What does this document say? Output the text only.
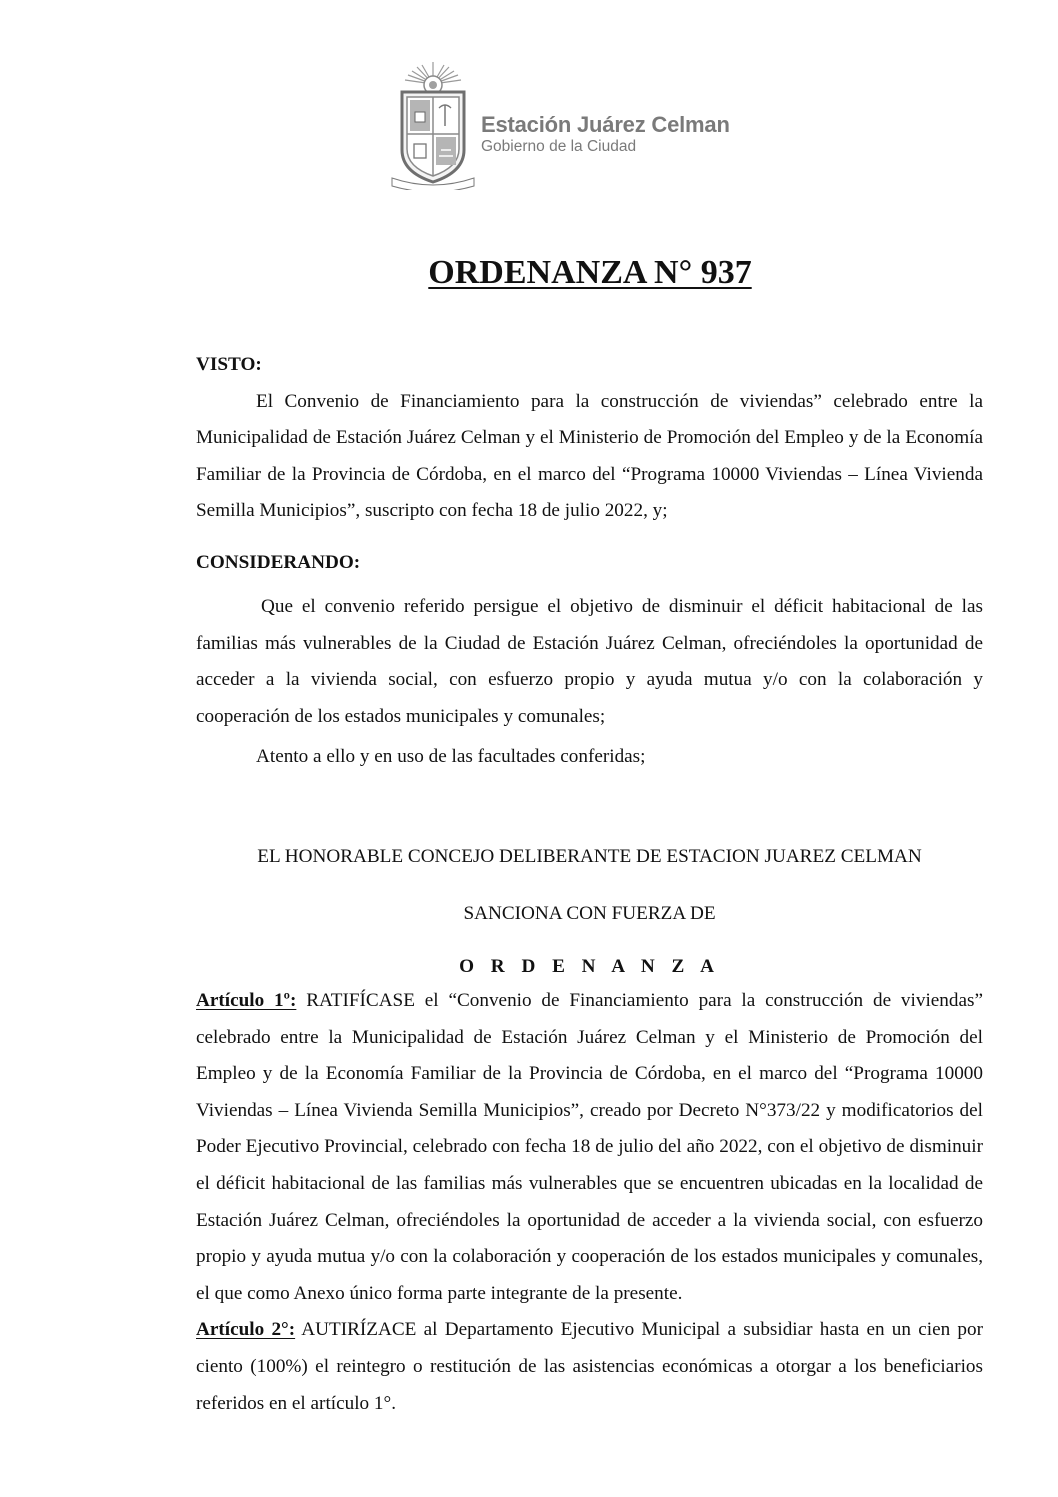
Estación Juárez Celman
Gobierno de la Ciudad
ORDENANZA N° 937

VISTO:

El Convenio de Financiamiento para la construcción de viviendas” celebrado entre la Municipalidad de Estación Juárez Celman y el Ministerio de Promoción del Empleo y de la Economía Familiar de la Provincia de Córdoba, en el marco del “Programa 10000 Viviendas – Línea Vivienda Semilla Municipios”, suscripto con fecha 18 de julio 2022, y;

CONSIDERANDO:

Que el convenio referido persigue el objetivo de disminuir el déficit habitacional de las familias más vulnerables de la Ciudad de Estación Juárez Celman, ofreciéndoles la oportunidad de acceder a la vivienda social, con esfuerzo propio y ayuda mutua y/o con la colaboración y cooperación de los estados municipales y comunales;

Atento a ello y en uso de las facultades conferidas;

EL HONORABLE CONCEJO DELIBERANTE DE ESTACION JUAREZ CELMAN

SANCIONA CON FUERZA DE

O R D E N A N Z A

Artículo 1º: RATIFÍCASE el “Convenio de Financiamiento para la construcción de viviendas” celebrado entre la Municipalidad de Estación Juárez Celman y el Ministerio de Promoción del Empleo y de la Economía Familiar de la Provincia de Córdoba, en el marco del “Programa 10000 Viviendas – Línea Vivienda Semilla Municipios”, creado por Decreto N°373/22 y modificatorios del Poder Ejecutivo Provincial, celebrado con fecha 18 de julio del año 2022, con el objetivo de disminuir el déficit habitacional de las familias más vulnerables que se encuentren ubicadas en la localidad de Estación Juárez Celman, ofreciéndoles la oportunidad de acceder a la vivienda social, con esfuerzo propio y ayuda mutua y/o con la colaboración y cooperación de los estados municipales y comunales, el que como Anexo único forma parte integrante de la presente.

Artículo 2°: AUTIRÍZACE al Departamento Ejecutivo Municipal a subsidiar hasta en un cien por ciento (100%) el reintegro o restitución de las asistencias económicas a otorgar a los beneficiarios referidos en el artículo 1°.
